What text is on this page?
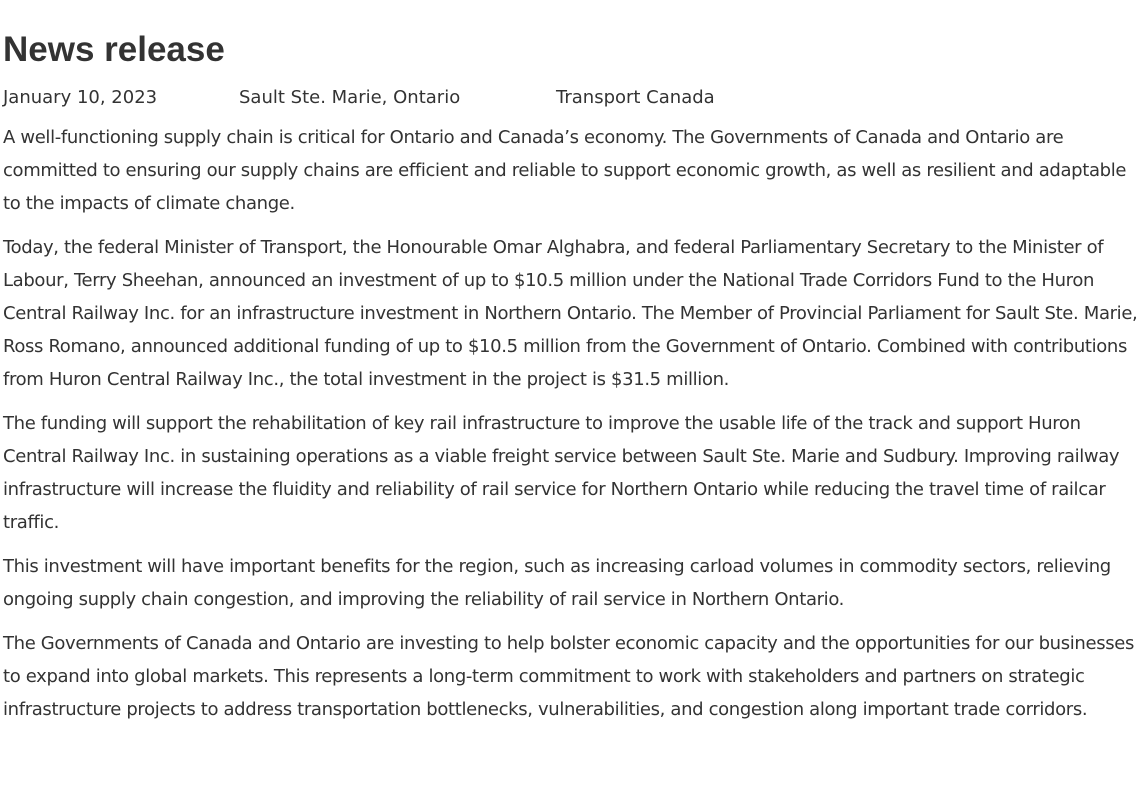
News release
January 10, 2023	Sault Ste. Marie, Ontario	Transport Canada

A well-functioning supply chain is critical for Ontario and Canada’s economy. The Governments of Canada and Ontario are committed to ensuring our supply chains are efficient and reliable to support economic growth, as well as resilient and adaptable to the impacts of climate change.

Today, the federal Minister of Transport, the Honourable Omar Alghabra, and federal Parliamentary Secretary to the Minister of Labour, Terry Sheehan, announced an investment of up to $10.5 million under the National Trade Corridors Fund to the Huron Central Railway Inc. for an infrastructure investment in Northern Ontario. The Member of Provincial Parliament for Sault Ste. Marie, Ross Romano, announced additional funding of up to $10.5 million from the Government of Ontario. Combined with contributions from Huron Central Railway Inc., the total investment in the project is $31.5 million.

The funding will support the rehabilitation of key rail infrastructure to improve the usable life of the track and support Huron Central Railway Inc. in sustaining operations as a viable freight service between Sault Ste. Marie and Sudbury. Improving railway infrastructure will increase the fluidity and reliability of rail service for Northern Ontario while reducing the travel time of railcar traffic.

This investment will have important benefits for the region, such as increasing carload volumes in commodity sectors, relieving ongoing supply chain congestion, and improving the reliability of rail service in Northern Ontario.

The Governments of Canada and Ontario are investing to help bolster economic capacity and the opportunities for our businesses to expand into global markets. This represents a long-term commitment to work with stakeholders and partners on strategic infrastructure projects to address transportation bottlenecks, vulnerabilities, and congestion along important trade corridors.
